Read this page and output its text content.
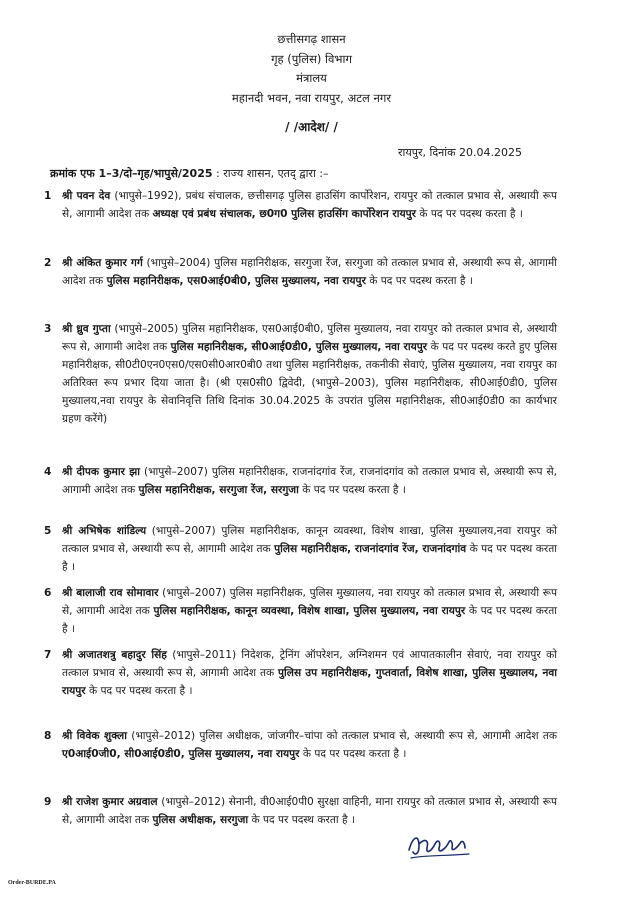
छत्तीसगढ़ शासन
गृह (पुलिस) विभाग
मंत्रालय
महानदी भवन, नवा रायपुर, अटल नगर
/ /आदेश/ /
रायपुर, दिनांक 20.04.2025
क्रमांक एफ 1–3/दो–गृह/भापुसे/2025 : राज्य शासन, एतद् द्वारा :–
1 श्री पवन देव (भापुसे–1992), प्रबंध संचालक, छत्तीसगढ़ पुलिस हाउसिंग कार्पोरेशन, रायपुर को तत्काल प्रभाव से, अस्थायी रूप से, आगामी आदेश तक अध्यक्ष एवं प्रबंध संचालक, छ0ग0 पुलिस हाउसिंग कार्पोरेशन रायपुर के पद पर पदस्थ करता है ।
2 श्री अंकित कुमार गर्ग (भापुसे–2004) पुलिस महानिरीक्षक, सरगुजा रेंज, सरगुजा को तत्काल प्रभाव से, अस्थायी रूप से, आगामी आदेश तक पुलिस महानिरीक्षक, एस0आई0बी0, पुलिस मुख्यालय, नवा रायपुर के पद पर पदस्थ करता है ।
3 श्री ध्रुव गुप्ता (भापुसे–2005) पुलिस महानिरीक्षक, एस0आई0बी0, पुलिस मुख्यालय, नवा रायपुर को तत्काल प्रभाव से, अस्थायी रूप से, आगामी आदेश तक पुलिस महानिरीक्षक, सी0आई0डी0, पुलिस मुख्यालय, नवा रायपुर के पद पर पदस्थ करते हुए पुलिस महानिरीक्षक, सी0टी0एन0एस0/एस0सी0आर0बी0 तथा पुलिस महानिरीक्षक, तकनीकी सेवाएं, पुलिस मुख्यालय, नवा रायपुर का अतिरिक्त रूप प्रभार दिया जाता है। (श्री एस0सी0 द्विवेदी, (भापुसे–2003), पुलिस महानिरीक्षक, सी0आई0डी0, पुलिस मुख्यालय,नवा रायपुर के सेवानिवृत्ति तिथि दिनांक 30.04.2025 के उपरांत पुलिस महानिरीक्षक, सी0आई0डी0 का कार्यभार ग्रहण करेंगे)
4 श्री दीपक कुमार झा (भापुसे–2007) पुलिस महानिरीक्षक, राजनांदगांव रेंज, राजनांदगांव को तत्काल प्रभाव से, अस्थायी रूप से, आगामी आदेश तक पुलिस महानिरीक्षक, सरगुजा रेंज, सरगुजा के पद पर पदस्थ करता है ।
5 श्री अभिषेक शांडिल्य (भापुसे–2007) पुलिस महानिरीक्षक, कानून व्यवस्था, विशेष शाखा, पुलिस मुख्यालय,नवा रायपुर को तत्काल प्रभाव से, अस्थायी रूप से, आगामी आदेश तक पुलिस महानिरीक्षक, राजनांदगांव रेंज, राजनांदगांव के पद पर पदस्थ करता है ।
6 श्री बालाजी राव सोमावार (भापुसे–2007) पुलिस महानिरीक्षक, पुलिस मुख्यालय, नवा रायपुर को तत्काल प्रभाव से, अस्थायी रूप से, आगामी आदेश तक पुलिस महानिरीक्षक, कानून व्यवस्था, विशेष शाखा, पुलिस मुख्यालय, नवा रायपुर के पद पर पदस्थ करता है ।
7 श्री अजातशत्रु बहादुर सिंह (भापुसे–2011) निदेशक, ट्रेनिंग ऑपरेशन, अग्निशमन एवं आपातकालीन सेवाएं, नवा रायपुर को तत्काल प्रभाव से, अस्थायी रूप से, आगामी आदेश तक पुलिस उप महानिरीक्षक, गुप्तवार्ता, विशेष शाखा, पुलिस मुख्यालय, नवा रायपुर के पद पर पदस्थ करता है ।
8 श्री विवेक शुक्ला (भापुसे–2012) पुलिस अधीक्षक, जांजगीर–चांपा को तत्काल प्रभाव से, अस्थायी रूप से, आगामी आदेश तक ए0आई0जी0, सी0आई0डी0, पुलिस मुख्यालय, नवा रायपुर के पद पर पदस्थ करता है ।
9 श्री राजेश कुमार अग्रवाल (भापुसे–2012) सेनानी, वी0आई0पी0 सुरक्षा वाहिनी, माना रायपुर को तत्काल प्रभाव से, अस्थायी रूप से, आगामी आदेश तक पुलिस अधीक्षक, सरगुजा के पद पर पदस्थ करता है ।
Order-BURDE.PA
